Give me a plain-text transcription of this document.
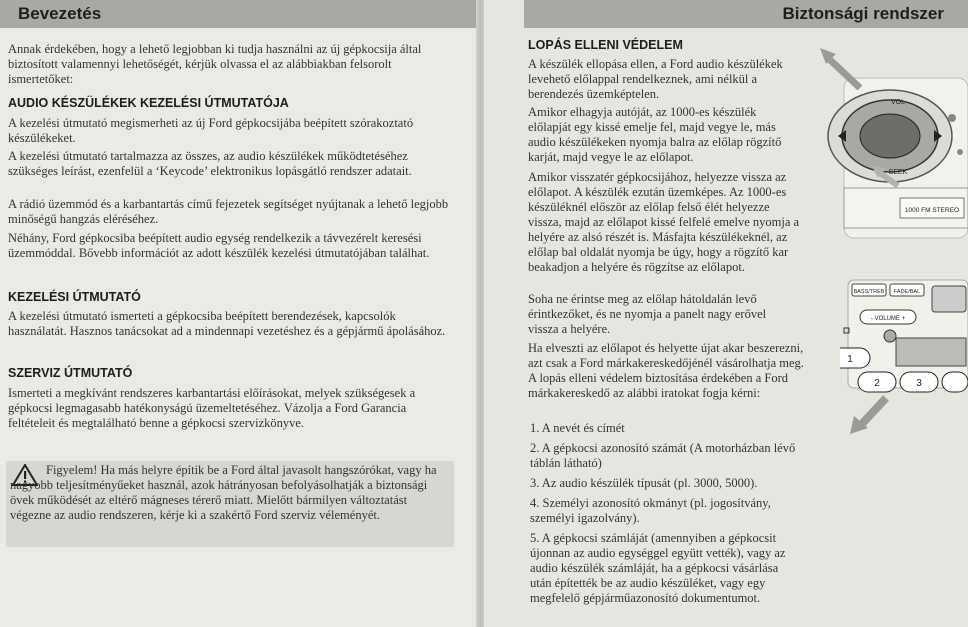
Bevezetés
Annak érdekében, hogy a lehető legjobban ki tudja használni az új gépkocsija által biztosított valamennyi lehetőségét, kérjük olvassa el az alábbiakban felsorolt ismertetőket:
AUDIO KÉSZÜLÉKEK KEZELÉSI ÚTMUTATÓJA
A kezelési útmutató megismerheti az új Ford gépkocsijába beépített szórakoztató készülékeket.
A kezelési útmutató tartalmazza az összes, az audio készülékek működtetéséhez szükséges leírást, ezenfelül a ‘Keycode’ elektronikus lopásgátló rendszer adatait.
A rádió üzemmód és a karbantartás című fejezetek segítséget nyújtanak a lehető legjobb minőségű hangzás eléréséhez.
Néhány, Ford gépkocsiba beépített audio egység rendelkezik a távvezérelt keresési üzemmóddal. Bővebb információt az adott készülék kezelési útmutatójában találhat.
KEZELÉSI ÚTMUTATÓ
A kezelési útmutató ismerteti a gépkocsiba beépített berendezések, kapcsolók használatát. Hasznos tanácsokat ad a mindennapi vezetéshez és a gépjármű ápolásához.
SZERVIZ ÚTMUTATÓ
Ismerteti a megkívánt rendszeres karbantartási előírásokat, melyek szükségesek a gépkocsi legmagasabb hatékonyságú üzemeltetéséhez. Vázolja a Ford Garancia feltételeit és megtalálható benne a gépkocsi szervizkönyve.
Figyelem! Ha más helyre építik be a Ford által javasolt hangszórókat, vagy ha nagyobb teljesítményűeket használ, azok hátrányosan befolyásolhatják a biztonsági övek működését az eltérő mágneses térerő miatt. Mielőtt bármilyen változtatást végezne az audio rendszeren, kérje ki a szakértő Ford szerviz véleményét.
Biztonsági rendszer
LOPÁS ELLENI VÉDELEM
A készülék ellopása ellen, a Ford audio készülékek levehető előlappal rendelkeznek, ami nélkül a berendezés üzemképtelen.
Amikor elhagyja autóját, az 1000-es készülék előlapját egy kissé emelje fel, majd vegye le, más audio készülékeken nyomja balra az előlap rögzítő karját, majd vegye le az előlapot.
Amikor visszatér gépkocsijához, helyezze vissza az előlapot. A készülék ezután üzemképes. Az 1000-es készüléknél először az előlap felső élét helyezze vissza, majd az előlapot kissé felfelé emelve nyomja a helyére az alsó részét is. Másfajta készülékeknél, az előlap bal oldalát nyomja be úgy, hogy a rögzítő kar beakadjon a helyére és rögzítse az előlapot.
Soha ne érintse meg az előlap hátoldalán levő érintkezőket, és ne nyomja a panelt nagy erővel vissza a helyére.
Ha elveszti az előlapot és helyette újat akar beszerezni, azt csak a Ford márkakereskedőjénél vásárolhatja meg. A lopás elleni védelem biztosítása érdekében a Ford márkakereskedő az alábbi iratokat fogja kérni:
1. A nevét és címét
2. A gépkocsi azonosító számát (A motorházban lévő táblán látható)
3. Az audio készülék típusát (pl. 3000, 5000).
4. Személyi azonosító okmányt (pl. jogosítvány, személyi igazolvány).
5. A gépkocsi számláját (amennyiben a gépkocsit újonnan az audio egységgel együtt vették), vagy az audio készülék számláját, ha a gépkocsi vásárlása után építették be az audio készüléket, vagy egy megfelelő gépjárműazonosító dokumentumot.
1000 FM STEREO
VOL
SEEK
BASS/TREB FADE/BAL
- VOLUME +
1
2	3
